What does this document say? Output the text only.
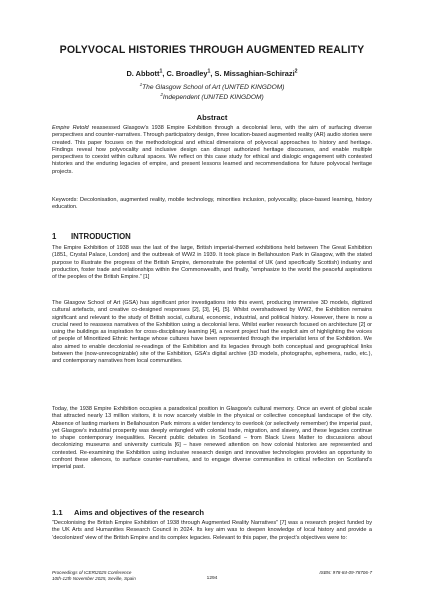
POLYVOCAL HISTORIES THROUGH AUGMENTED REALITY
D. Abbott$^1$, C. Broadley$^1$, S. Missaghian-Schirazi$^2$
$^1$The Glasgow School of Art (UNITED KINGDOM)
$^2$Independent (UNITED KINGDOM)
Abstract

Empire Retold reassessed Glasgow's 1938 Empire Exhibition through a decolonial lens, with the aim of surfacing diverse perspectives and counter-narratives. Through participatory design, three location-based augmented reality (AR) audio stories were created. This paper focuses on the methodological and ethical dimensions of polyvocal approaches to history and heritage. Findings reveal how polyvocality and inclusive design can disrupt authorized heritage discourses, and enable multiple perspectives to coexist within cultural spaces. We reflect on this case study for ethical and dialogic engagement with contested histories and the enduring legacies of empire, and present lessons learned and recommendations for future polyvocal heritage projects.

Keywords: Decolonisation, augmented reality, mobile technology, minorities inclusion, polyvocality, place-based learning, history education.

1 INTRODUCTION

The Empire Exhibition of 1938 was the last of the large, British imperial-themed exhibitions held between The Great Exhibition (1851, Crystal Palace, London) and the outbreak of WW2 in 1939. It took place in Bellahouston Park in Glasgow, with the stated purpose to illustrate the progress of the British Empire, demonstrate the potential of UK (and specifically Scottish) industry and production, foster trade and relationships within the Commonwealth, and finally, “emphasize to the world the peaceful aspirations of the peoples of the British Empire.” [1]

The Glasgow School of Art (GSA) has significant prior investigations into this event, producing immersive 3D models, digitized cultural artefacts, and creative co-designed responses [2], [3], [4], [5]. Whilst overshadowed by WW2, the Exhibition remains significant and relevant to the study of British social, cultural, economic, industrial, and political history. However, there is now a crucial need to reassess narratives of the Exhibition using a decolonial lens. Whilst earlier research focused on architecture [2] or using the buildings as inspiration for cross-disciplinary learning [4], a recent project had the explicit aim of highlighting the voices of people of Minoritized Ethnic heritage whose cultures have been represented through the imperialist lens of the Exhibition. We also aimed to enable decolonial re-readings of the Exhibition and its legacies through both conceptual and geographical links between the (now-unrecognizable) site of the Exhibition, GSA's digital archive (3D models, photographs, ephemera, radio, etc.), and contemporary narratives from local communities.

Today, the 1938 Empire Exhibition occupies a paradoxical position in Glasgow's cultural memory. Once an event of global scale that attracted nearly 13 million visitors, it is now scarcely visible in the physical or collective conceptual landscape of the city. Absence of lasting markers in Bellahouston Park mirrors a wider tendency to overlook (or selectively remember) the imperial past, yet Glasgow's industrial prosperity was deeply entangled with colonial trade, migration, and slavery, and these legacies continue to shape contemporary inequalities. Recent public debates in Scotland – from Black Lives Matter to discussions about decolonizing museums and university curricula [6] – have renewed attention on how colonial histories are represented and contested. Re-examining the Exhibition using inclusive research design and innovative technologies provides an opportunity to confront these silences, to surface counter-narratives, and to engage diverse communities in critical reflection on Scotland's imperial past.

1.1 Aims and objectives of the research

“Decolonising the British Empire Exhibition of 1938 through Augmented Reality Narratives” [7] was a research project funded by the UK Arts and Humanities Research Council in 2024. Its key aim was to deepen knowledge of local history and provide a ‘decolonized’ view of the British Empire and its complex legacies. Relevant to this paper, the project's objectives were to:

Proceedings of ICERI2025 Conference
10th-12th November 2025, Seville, Spain	1294
ISBN: 978-84-09-78706-7
